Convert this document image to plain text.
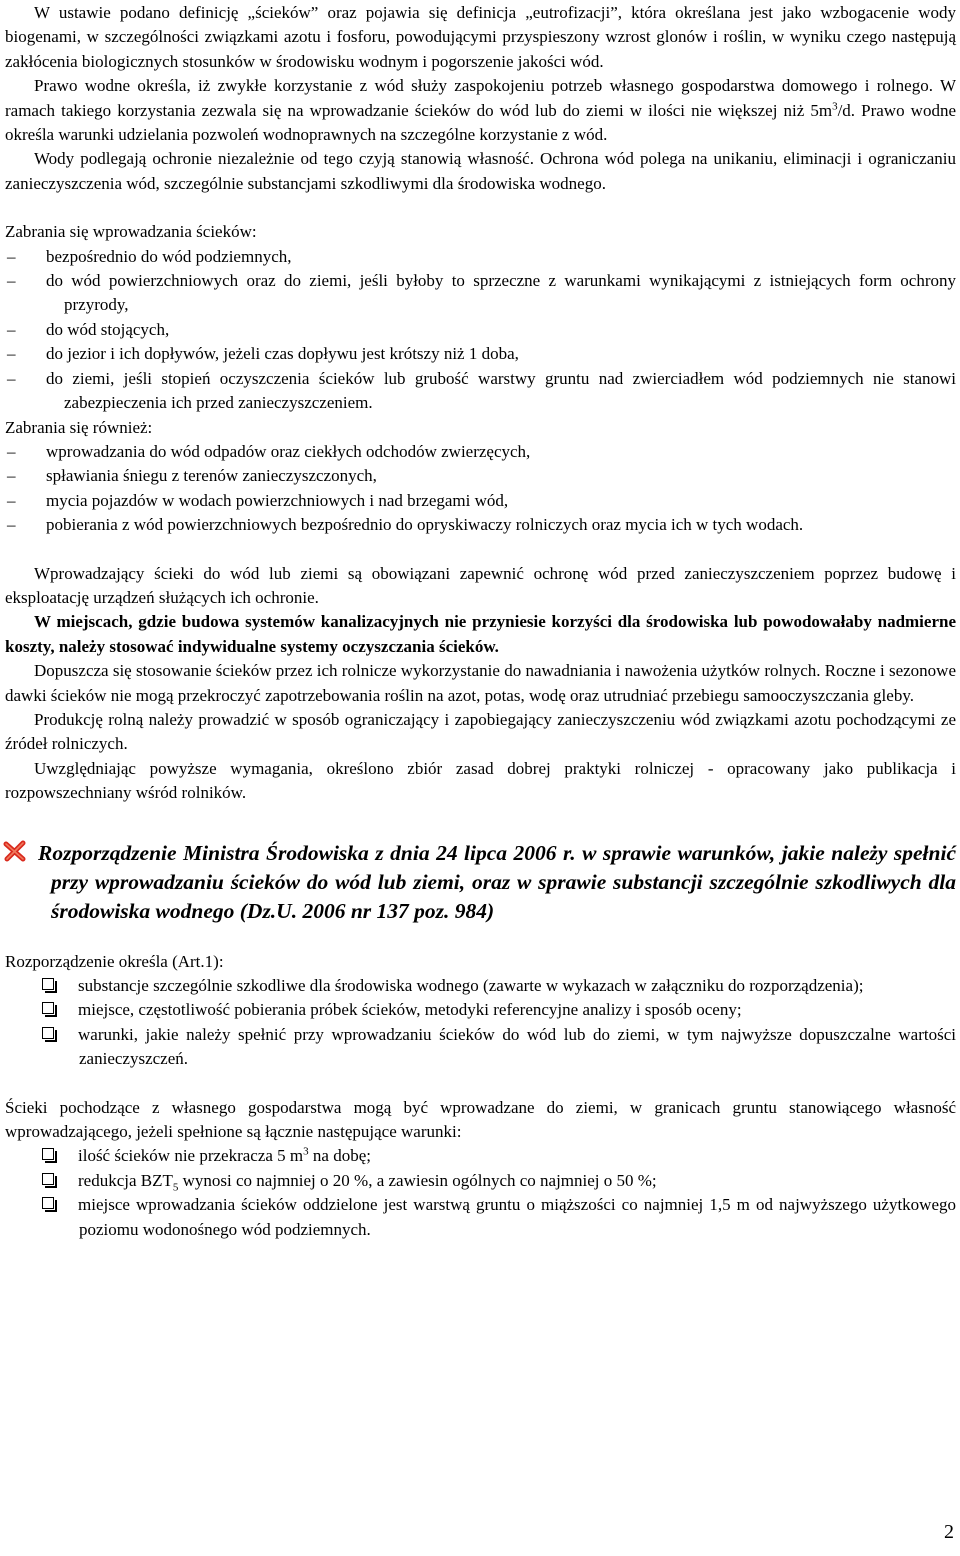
W ustawie podano definicję „ścieków” oraz pojawia się definicja „eutrofizacji”, która określana jest jako wzbogacenie wody biogenami, w szczególności związkami azotu i fosforu, powodującymi przyspieszony wzrost glonów i roślin, w wyniku czego następują zakłócenia biologicznych stosunków w środowisku wodnym i pogorszenie jakości wód.

Prawo wodne określa, iż zwykłe korzystanie z wód służy zaspokojeniu potrzeb własnego gospodarstwa domowego i rolnego. W ramach takiego korzystania zezwala się na wprowadzanie ścieków do wód lub do ziemi w ilości nie większej niż $5m^3/d$. Prawo wodne określa warunki udzielania pozwoleń wodnoprawnych na szczególne korzystanie z wód.

Wody podlegają ochronie niezależnie od tego czyją stanowią własność. Ochrona wód polega na unikaniu, eliminacji i ograniczaniu zanieczyszczenia wód, szczególnie substancjami szkodliwymi dla środowiska wodnego.

Zabrania się wprowadzania ścieków:

– bezpośrednio do wód podziemnych,
– do wód powierzchniowych oraz do ziemi, jeśli byłoby to sprzeczne z warunkami wynikającymi z istniejących form ochrony przyrody,
– do wód stojących,
– do jezior i ich dopływów, jeżeli czas dopływu jest krótszy niż 1 doba,
– do ziemi, jeśli stopień oczyszczenia ścieków lub grubość warstwy gruntu nad zwierciadłem wód podziemnych nie stanowi zabezpieczenia ich przed zanieczyszczeniem.

Zabrania się również:

– wprowadzania do wód odpadów oraz ciekłych odchodów zwierzęcych,
– spławiania śniegu z terenów zanieczyszczonych,
– mycia pojazdów w wodach powierzchniowych i nad brzegami wód,
– pobierania z wód powierzchniowych bezpośrednio do opryskiwaczy rolniczych oraz mycia ich w tych wodach.

Wprowadzający ścieki do wód lub ziemi są obowiązani zapewnić ochronę wód przed zanieczyszczeniem poprzez budowę i eksploatację urządzeń służących ich ochronie.

W miejscach, gdzie budowa systemów kanalizacyjnych nie przyniesie korzyści dla środowiska lub powodowałaby nadmierne koszty, należy stosować indywidualne systemy oczyszczania ścieków.

Dopuszcza się stosowanie ścieków przez ich rolnicze wykorzystanie do nawadniania i nawożenia użytków rolnych. Roczne i sezonowe dawki ścieków nie mogą przekroczyć zapotrzebowania roślin na azot, potas, wodę oraz utrudniać przebiegu samooczyszczania gleby.

Produkcję rolną należy prowadzić w sposób ograniczający i zapobiegający zanieczyszczeniu wód związkami azotu pochodzącymi ze źródeł rolniczych.

Uwzględniając powyższe wymagania, określono zbiór zasad dobrej praktyki rolniczej - opracowany jako publikacja i rozpowszechniany wśród rolników.

Rozporządzenie Ministra Środowiska z dnia 24 lipca 2006 r. w sprawie warunków, jakie należy spełnić przy wprowadzaniu ścieków do wód lub ziemi, oraz w sprawie substancji szczególnie szkodliwych dla środowiska wodnego (Dz.U. 2006 nr 137 poz. 984)

Rozporządzenie określa (Art.1):

substancje szczególnie szkodliwe dla środowiska wodnego (zawarte w wykazach w załączniku do rozporządzenia);
miejsce, częstotliwość pobierania próbek ścieków, metodyki referencyjne analizy i sposób oceny;
warunki, jakie należy spełnić przy wprowadzaniu ścieków do wód lub do ziemi, w tym najwyższe dopuszczalne wartości zanieczyszczeń.

Ścieki pochodzące z własnego gospodarstwa mogą być wprowadzane do ziemi, w granicach gruntu stanowiącego własność wprowadzającego, jeżeli spełnione są łącznie następujące warunki:

ilość ścieków nie przekracza 5 $m^3$ na dobę;
redukcja $BZT_5$ wynosi co najmniej o 20 %, a zawiesin ogólnych co najmniej o 50 %;
miejsce wprowadzania ścieków oddzielone jest warstwą gruntu o miąższości co najmniej 1,5 m od najwyższego użytkowego poziomu wodonośnego wód podziemnych.
2
